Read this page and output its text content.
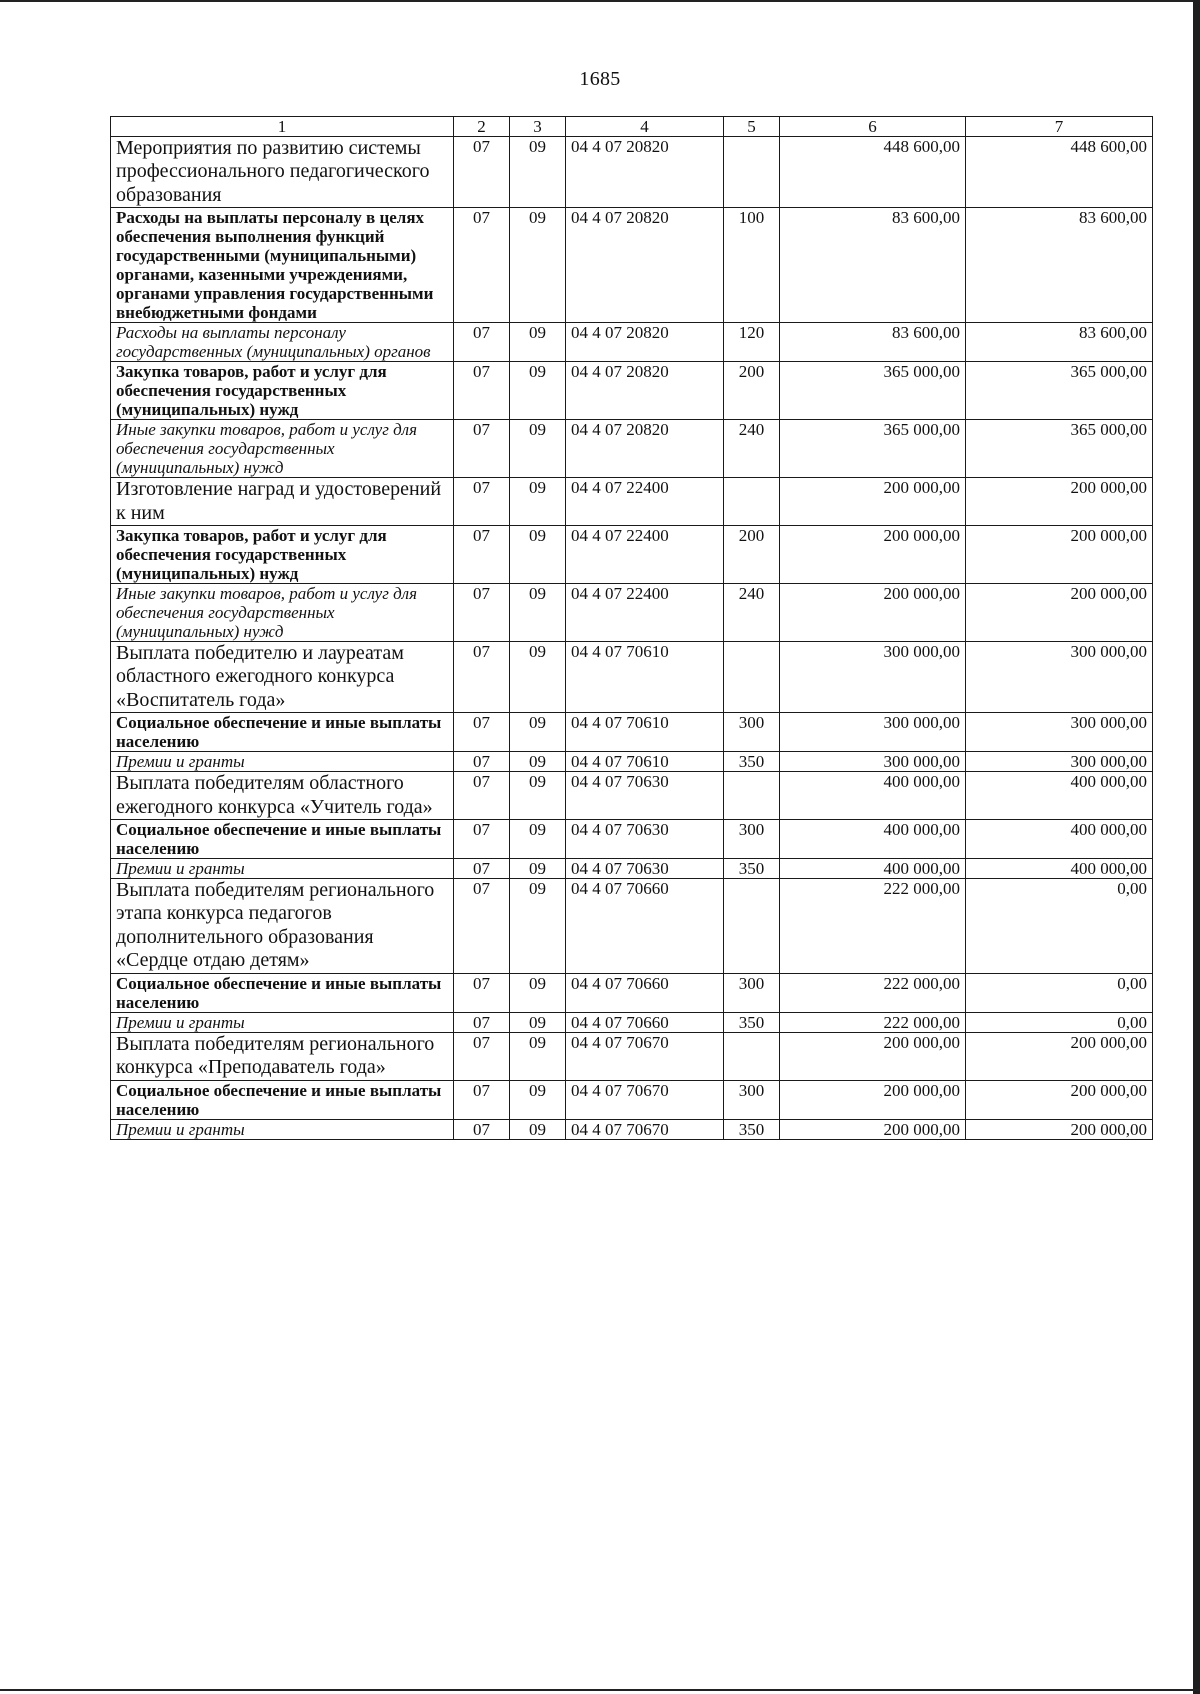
1685
1	2	3	4	5	6	7
Мероприятия по развитию системы профессионального педагогического образования	07	09	04 4 07 20820		448 600,00	448 600,00
Расходы на выплаты персоналу в целях обеспечения выполнения функций государственными (муниципальными) органами, казенными учреждениями, органами управления государственными внебюджетными фондами	07	09	04 4 07 20820	100	83 600,00	83 600,00
Расходы на выплаты персоналу государственных (муниципальных) органов	07	09	04 4 07 20820	120	83 600,00	83 600,00
Закупка товаров, работ и услуг для обеспечения государственных (муниципальных) нужд	07	09	04 4 07 20820	200	365 000,00	365 000,00
Иные закупки товаров, работ и услуг для обеспечения государственных (муниципальных) нужд	07	09	04 4 07 20820	240	365 000,00	365 000,00
Изготовление наград и удостоверений к ним	07	09	04 4 07 22400		200 000,00	200 000,00
Закупка товаров, работ и услуг для обеспечения государственных (муниципальных) нужд	07	09	04 4 07 22400	200	200 000,00	200 000,00
Иные закупки товаров, работ и услуг для обеспечения государственных (муниципальных) нужд	07	09	04 4 07 22400	240	200 000,00	200 000,00
Выплата победителю и лауреатам областного ежегодного конкурса «Воспитатель года»	07	09	04 4 07 70610		300 000,00	300 000,00
Социальное обеспечение и иные выплаты населению	07	09	04 4 07 70610	300	300 000,00	300 000,00
Премии и гранты	07	09	04 4 07 70610	350	300 000,00	300 000,00
Выплата победителям областного ежегодного конкурса «Учитель года»	07	09	04 4 07 70630		400 000,00	400 000,00
Социальное обеспечение и иные выплаты населению	07	09	04 4 07 70630	300	400 000,00	400 000,00
Премии и гранты	07	09	04 4 07 70630	350	400 000,00	400 000,00
Выплата победителям регионального этапа конкурса педагогов дополнительного образования «Сердце отдаю детям»	07	09	04 4 07 70660		222 000,00	0,00
Социальное обеспечение и иные выплаты населению	07	09	04 4 07 70660	300	222 000,00	0,00
Премии и гранты	07	09	04 4 07 70660	350	222 000,00	0,00
Выплата победителям регионального конкурса «Преподаватель года»	07	09	04 4 07 70670		200 000,00	200 000,00
Социальное обеспечение и иные выплаты населению	07	09	04 4 07 70670	300	200 000,00	200 000,00
Премии и гранты	07	09	04 4 07 70670	350	200 000,00	200 000,00
